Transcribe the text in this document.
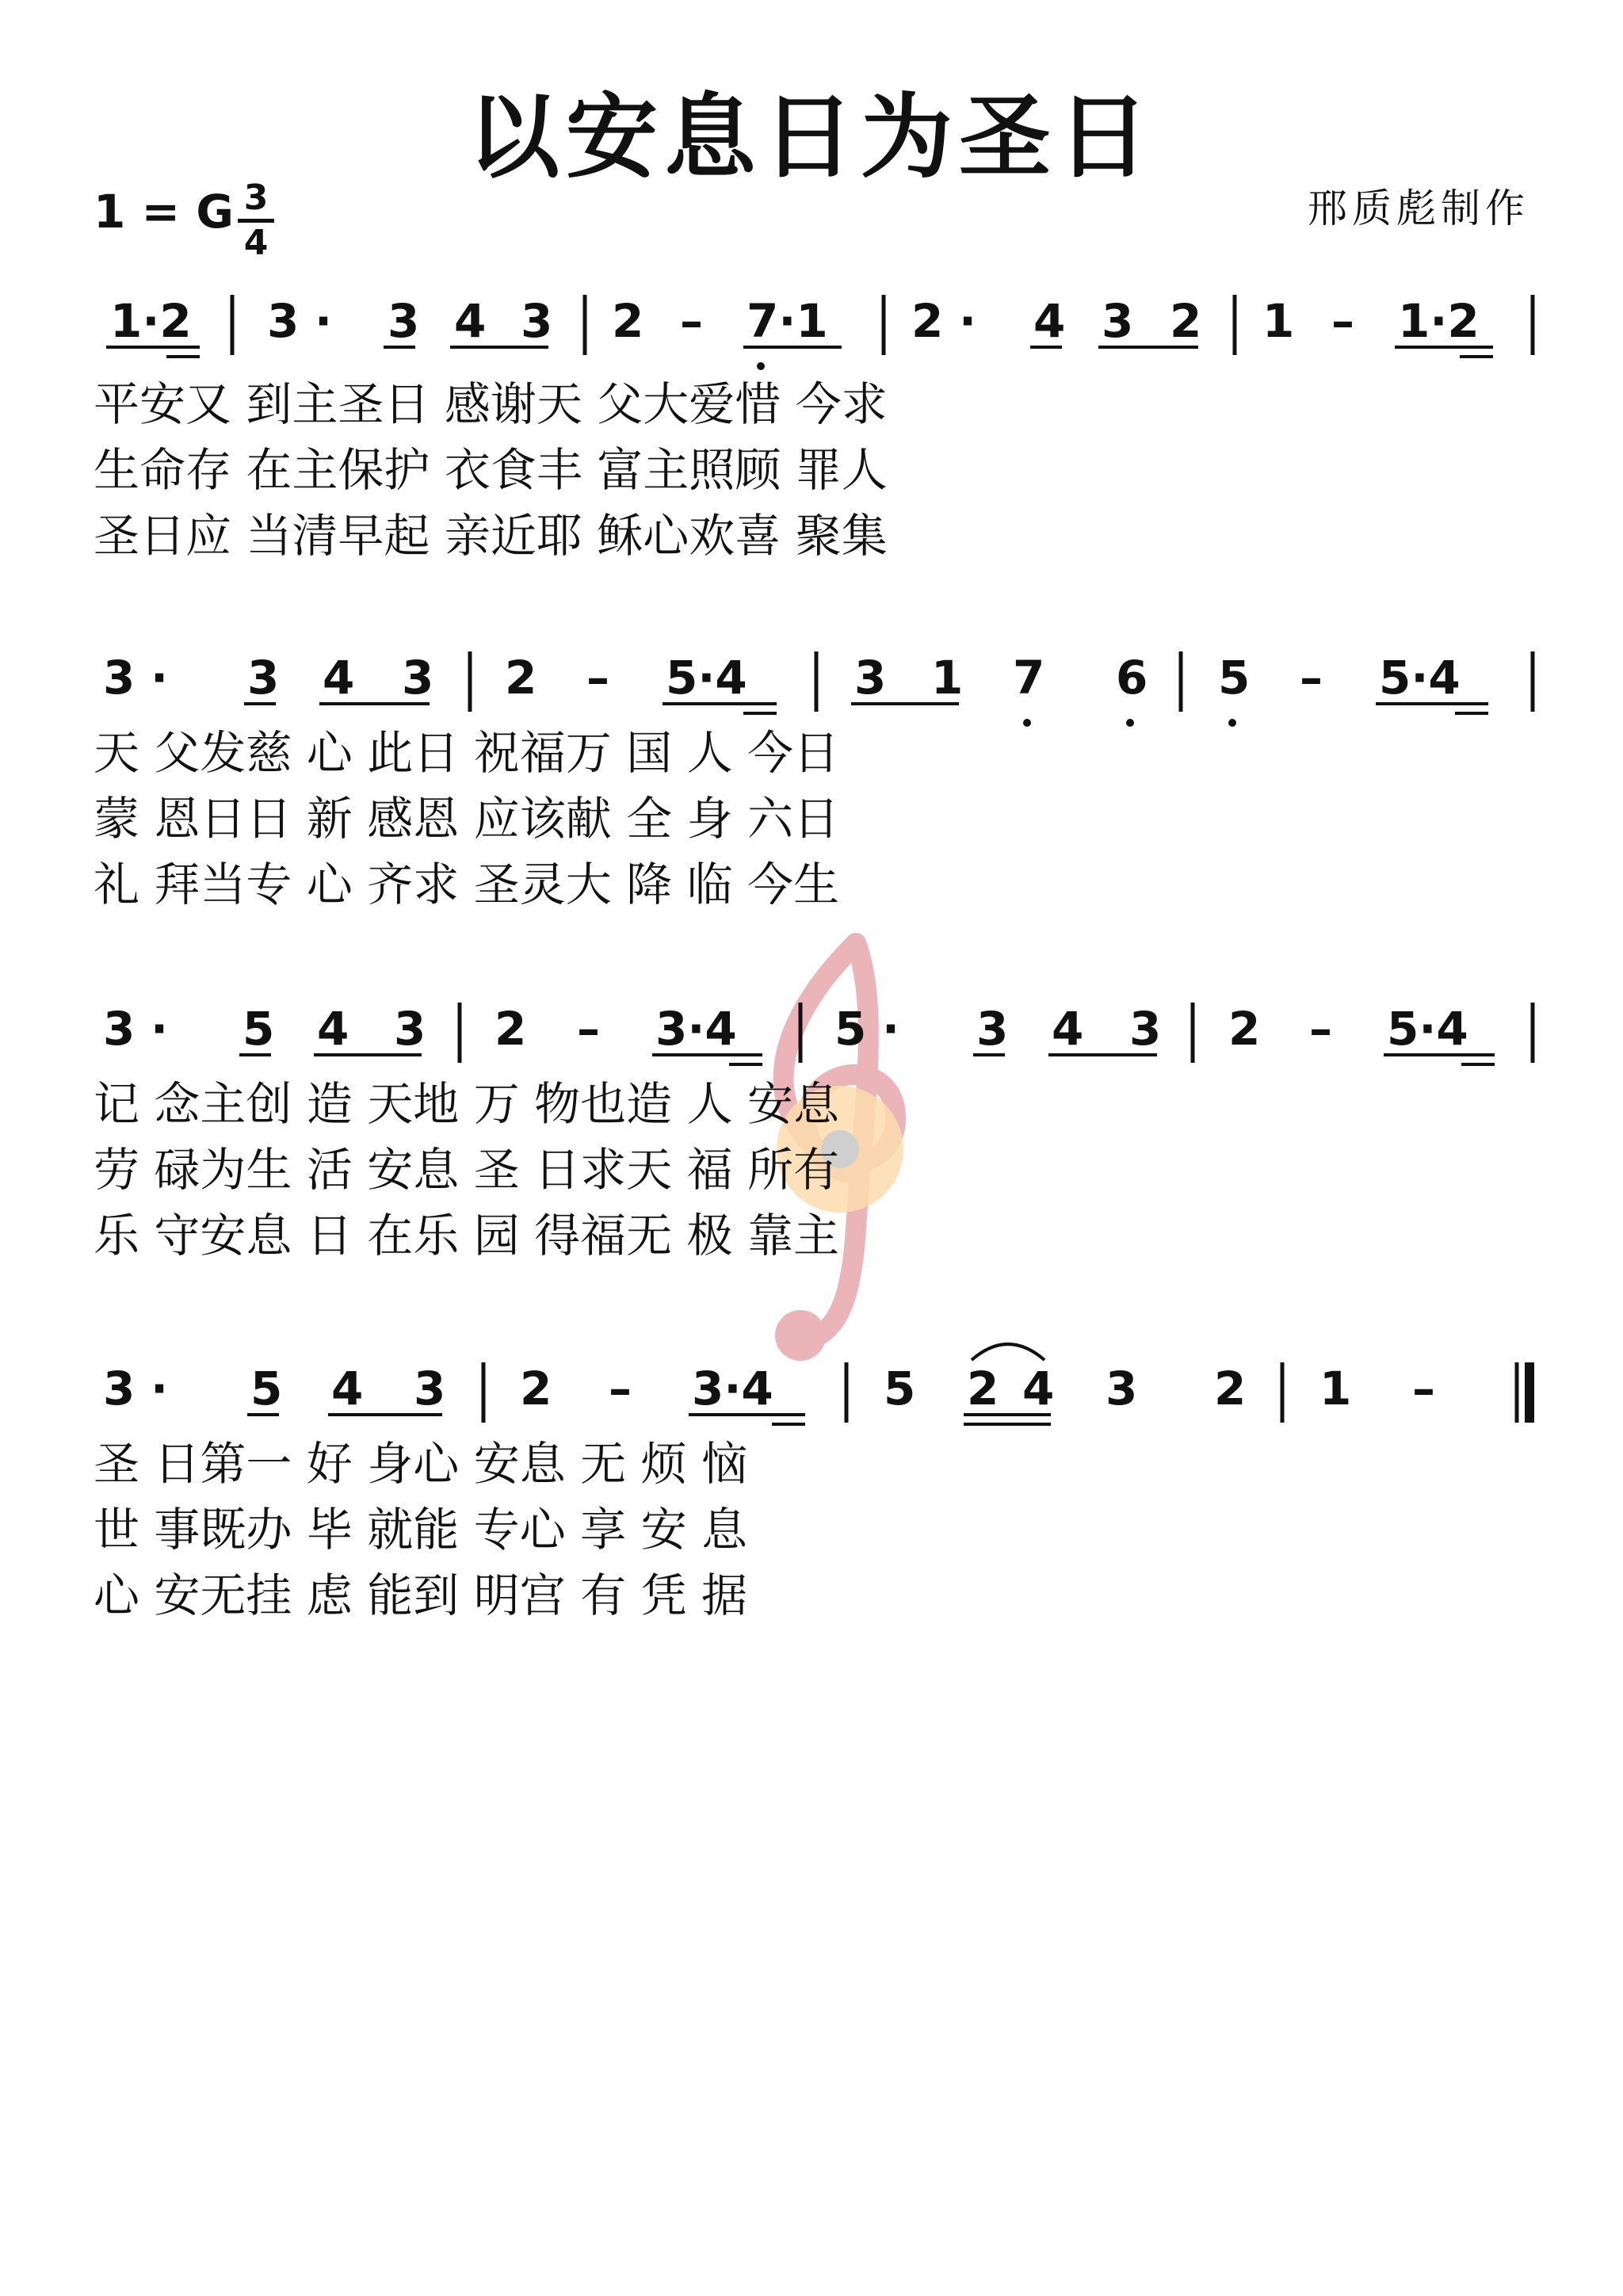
以安息日为圣日
1 = G 3
4
邢质彪制作
1·2 3 · 3 4 3 2 – 7·1 2 · 4 3 2 1 – 1·2
平安又 到主圣日 感谢天 父大爱惜 今求
生命存 在主保护 衣食丰 富主照顾 罪人
圣日应 当清早起 亲近耶 稣心欢喜 聚集
3 · 3 4 3 2 – 5·4 3 1 7 6 5 – 5·4
天 父发慈 心 此日 祝福万 国 人 今日
蒙 恩日日 新 感恩 应该献 全 身 六日
礼 拜当专 心 齐求 圣灵大 降 临 今生
3 · 5 4 3 2 – 3·4 5 · 3 4 3 2 – 5·4
记 念主创 造 天地 万 物也造 人 安息
劳 碌为生 活 安息 圣 日求天 福 所有
乐 守安息 日 在乐 园 得福无 极 靠主
3 · 5 4 3 2 – 3·4 5 2 4 3 2 1 –
圣 日第一 好 身心 安息 无 烦 恼
世 事既办 毕 就能 专心 享 安 息
心 安无挂 虑 能到 明宫 有 凭 据
